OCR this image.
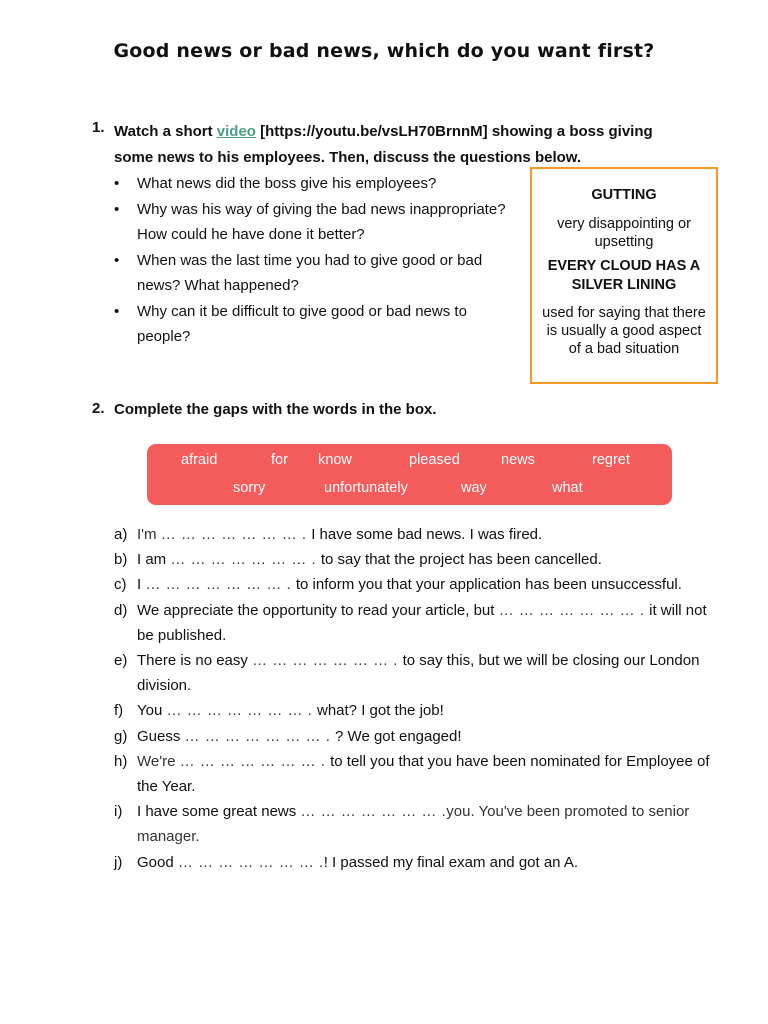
Good news or bad news, which do you want first?
1. Watch a short video [https://youtu.be/vsLH70BrnnM] showing a boss giving some news to his employees. Then, discuss the questions below.
• What news did the boss give his employees?
• Why was his way of giving the bad news inappropriate? How could he have done it better?
• When was the last time you had to give good or bad news? What happened?
• Why can it be difficult to give good or bad news to people?
GUTTING
very disappointing or upsetting
EVERY CLOUD HAS A SILVER LINING
used for saying that there is usually a good aspect of a bad situation
2. Complete the gaps with the words in the box.
afraid	for know	pleased	news	regret
sorry	unfortunately	way	what
a) I'm … … … … … … … . I have some bad news. I was fired.
b) I am … … … … … … … . to say that the project has been cancelled.
c) I … … … … … … … . to inform you that your application has been unsuccessful.
d) We appreciate the opportunity to read your article, but … … … … … … … . it will not be published.
e) There is no easy … … … … … … … . to say this, but we will be closing our London division.
f) You … … … … … … … . what? I got the job!
g) Guess … … … … … … … . ? We got engaged!
h) We're … … … … … … … . to tell you that you have been nominated for Employee of the Year.
i) I have some great news … … … … … … … .you. You've been promoted to senior manager.
j) Good … … … … … … … .! I passed my final exam and got an A.
